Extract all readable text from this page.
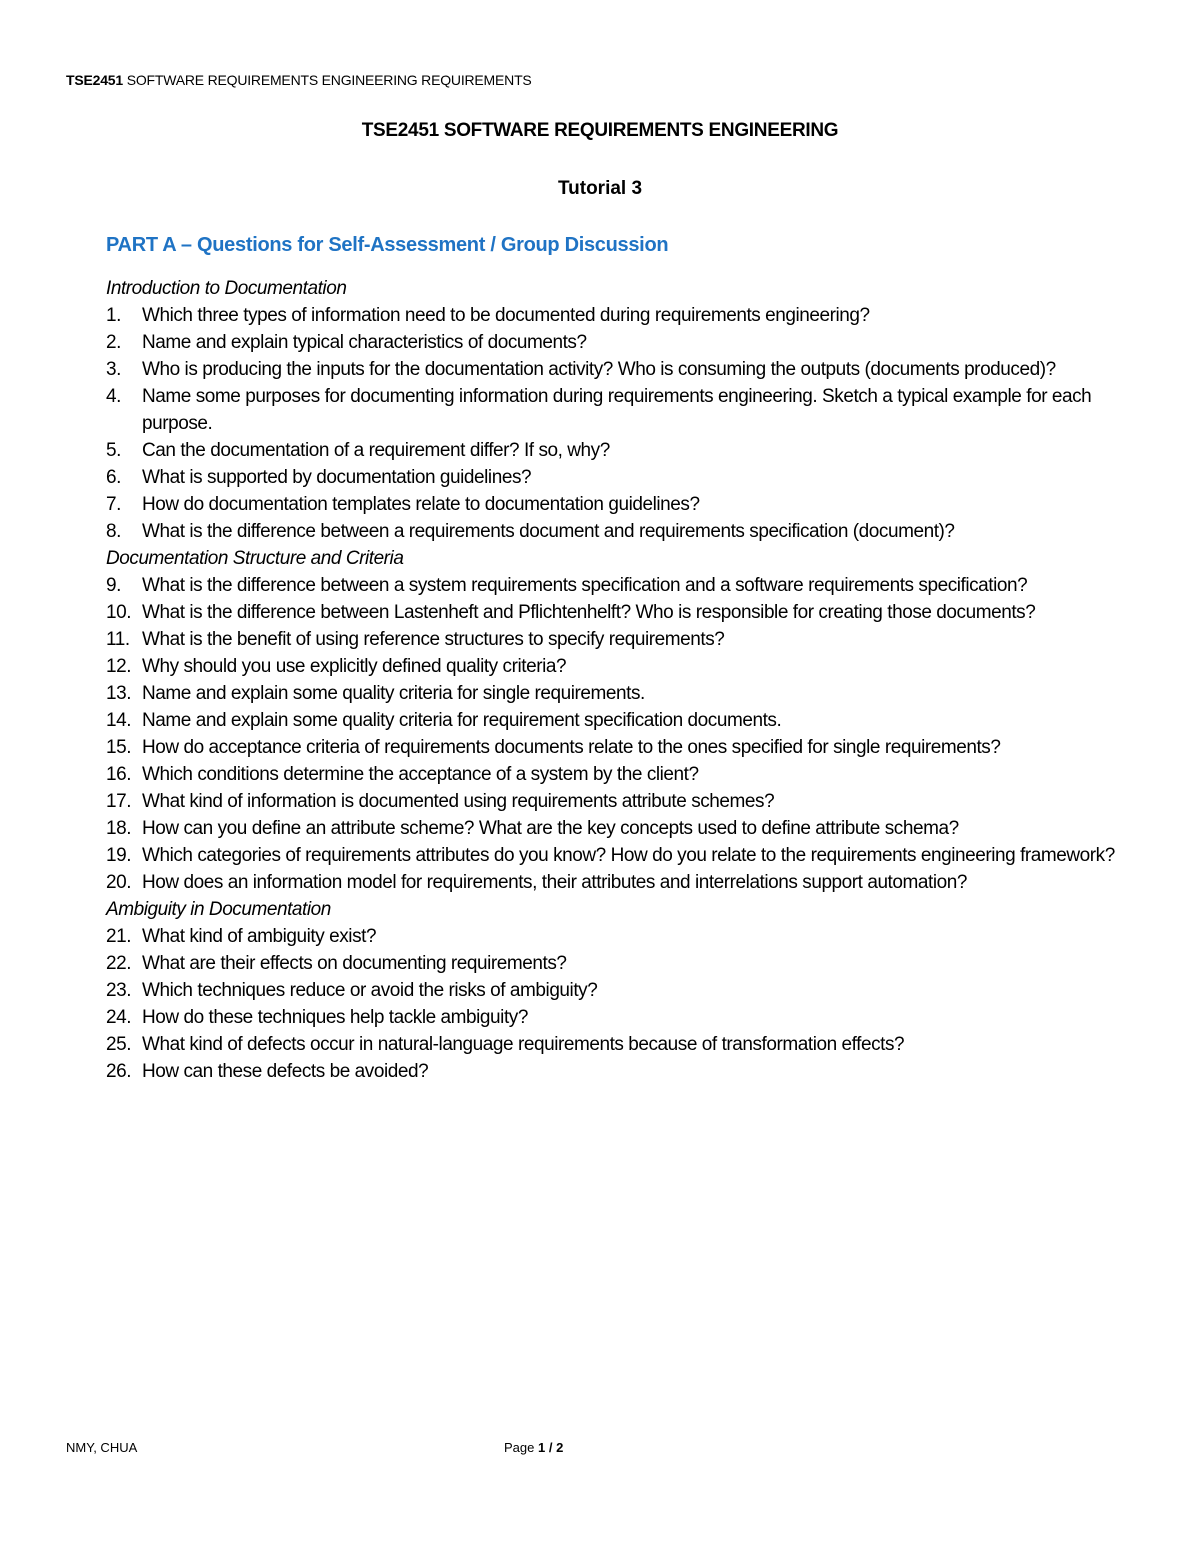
TSE2451 SOFTWARE REQUIREMENTS ENGINEERING REQUIREMENTS
TSE2451 SOFTWARE REQUIREMENTS ENGINEERING
Tutorial 3
PART A – Questions for Self-Assessment / Group Discussion
Introduction to Documentation
1.	Which three types of information need to be documented during requirements engineering?
2.	Name and explain typical characteristics of documents?
3.	Who is producing the inputs for the documentation activity? Who is consuming the outputs (documents produced)?
4.	Name some purposes for documenting information during requirements engineering. Sketch a typical example for each purpose.
5.	Can the documentation of a requirement differ? If so, why?
6.	What is supported by documentation guidelines?
7.	How do documentation templates relate to documentation guidelines?
8.	What is the difference between a requirements document and requirements specification (document)?
Documentation Structure and Criteria
9.	What is the difference between a system requirements specification and a software requirements specification?
10. What is the difference between Lastenheft and Pflichtenhelft? Who is responsible for creating those documents?
11. What is the benefit of using reference structures to specify requirements?
12. Why should you use explicitly defined quality criteria?
13. Name and explain some quality criteria for single requirements.
14. Name and explain some quality criteria for requirement specification documents.
15. How do acceptance criteria of requirements documents relate to the ones specified for single requirements?
16. Which conditions determine the acceptance of a system by the client?
17. What kind of information is documented using requirements attribute schemes?
18. How can you define an attribute scheme? What are the key concepts used to define attribute schema?
19. Which categories of requirements attributes do you know? How do you relate to the requirements engineering framework?
20. How does an information model for requirements, their attributes and interrelations support automation?
Ambiguity in Documentation
21. What kind of ambiguity exist?
22. What are their effects on documenting requirements?
23. Which techniques reduce or avoid the risks of ambiguity?
24. How do these techniques help tackle ambiguity?
25. What kind of defects occur in natural-language requirements because of transformation effects?
26. How can these defects be avoided?
NMY, CHUA	Page 1 / 2
